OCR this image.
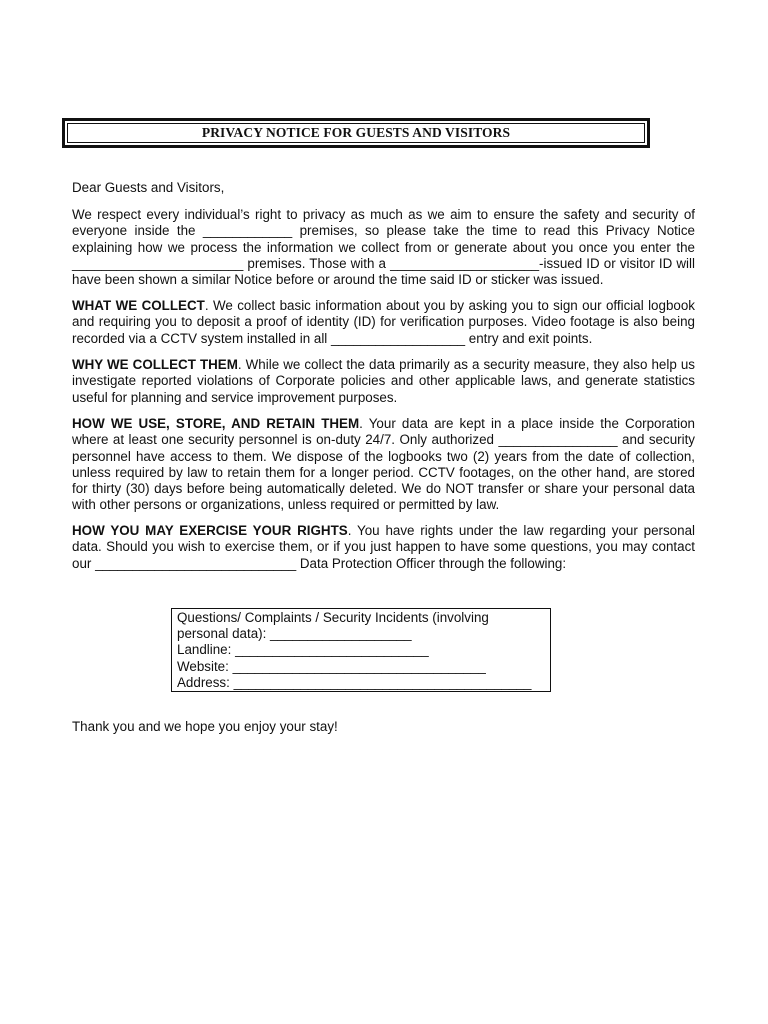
PRIVACY NOTICE FOR GUESTS AND VISITORS

Dear Guests and Visitors,

We respect every individual’s right to privacy as much as we aim to ensure the safety and security of everyone inside the ____________ premises, so please take the time to read this Privacy Notice explaining how we process the information we collect from or generate about you once you enter the _______________________ premises. Those with a ____________________-issued ID or visitor ID will have been shown a similar Notice before or around the time said ID or sticker was issued.

WHAT WE COLLECT. We collect basic information about you by asking you to sign our official logbook and requiring you to deposit a proof of identity (ID) for verification purposes. Video footage is also being recorded via a CCTV system installed in all __________________ entry and exit points.

WHY WE COLLECT THEM. While we collect the data primarily as a security measure, they also help us investigate reported violations of Corporate policies and other applicable laws, and generate statistics useful for planning and service improvement purposes.

HOW WE USE, STORE, AND RETAIN THEM. Your data are kept in a place inside the Corporation where at least one security personnel is on-duty 24/7. Only authorized ________________ and security personnel have access to them. We dispose of the logbooks two (2) years from the date of collection, unless required by law to retain them for a longer period. CCTV footages, on the other hand, are stored for thirty (30) days before being automatically deleted. We do NOT transfer or share your personal data with other persons or organizations, unless required or permitted by law.

HOW YOU MAY EXERCISE YOUR RIGHTS. You have rights under the law regarding your personal data. Should you wish to exercise them, or if you just happen to have some questions, you may contact our ___________________________ Data Protection Officer through the following:

Questions/ Complaints / Security Incidents (involving
personal data): ___________________
Landline: __________________________
Website: __________________________________
Address: ________________________________________

Thank you and we hope you enjoy your stay!
